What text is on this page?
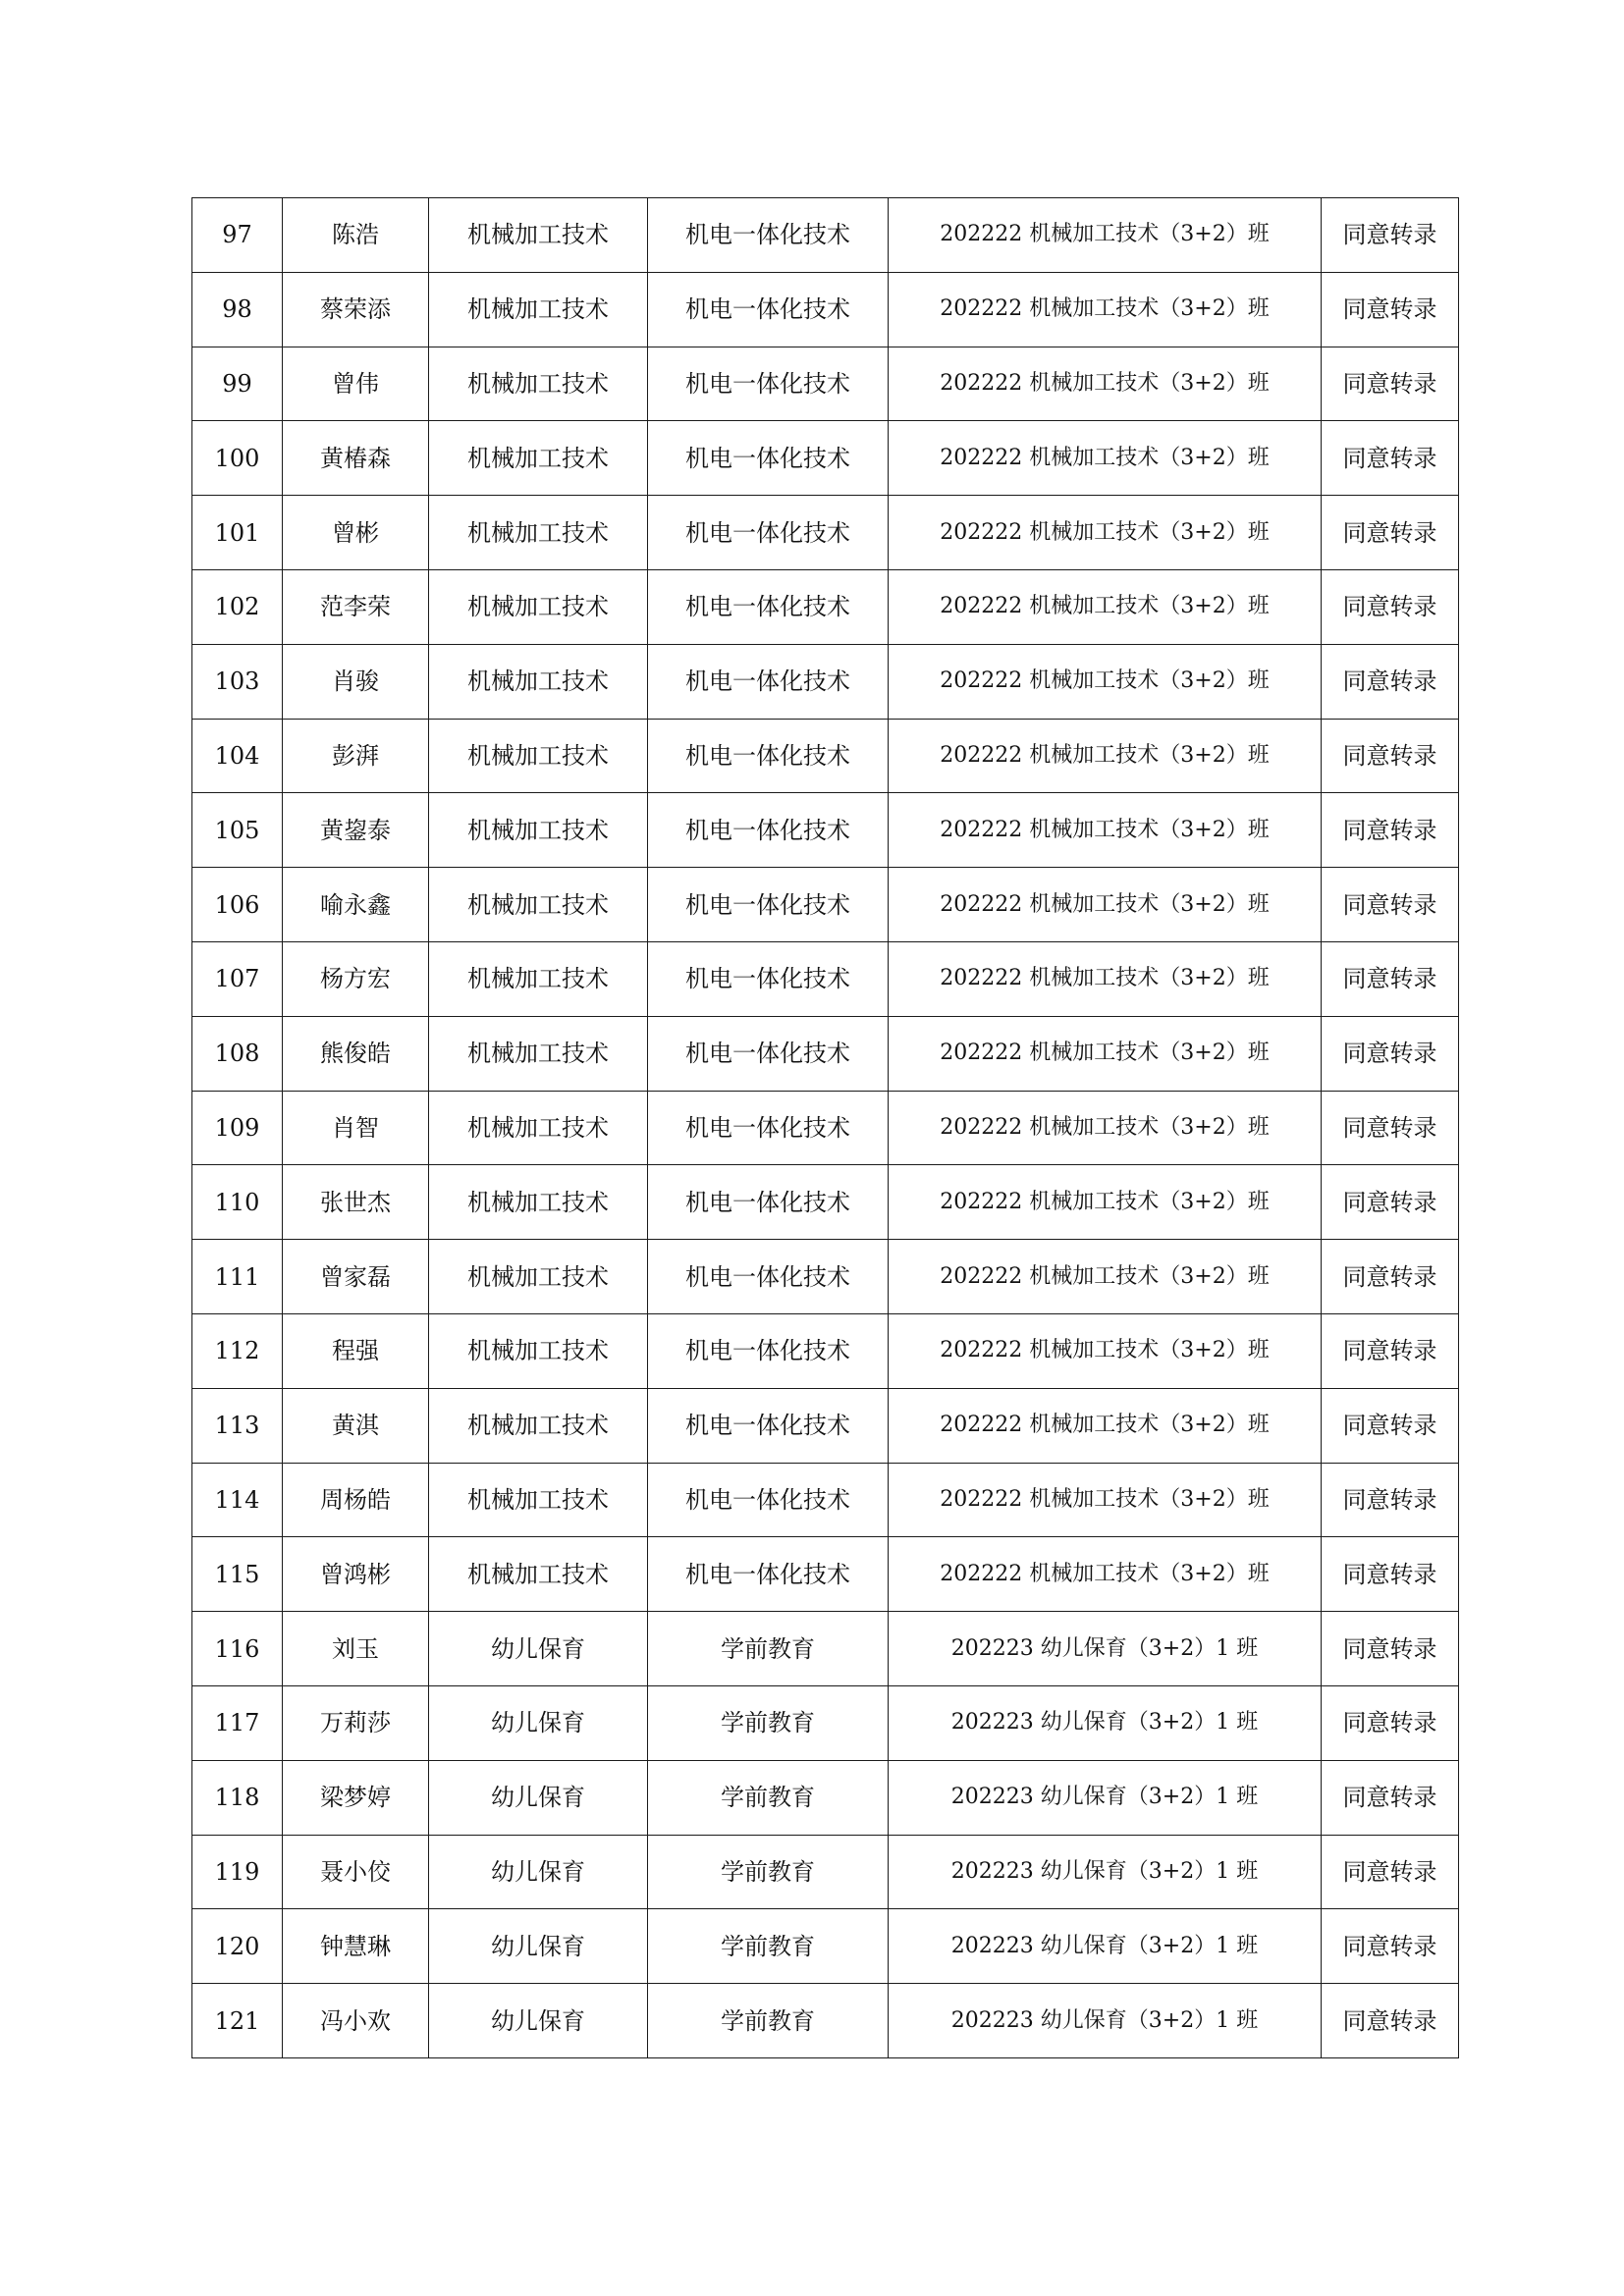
97	陈浩	机械加工技术	机电一体化技术	202222 机械加工技术（3+2）班	同意转录
98	蔡荣添	机械加工技术	机电一体化技术	202222 机械加工技术（3+2）班	同意转录
99	曾伟	机械加工技术	机电一体化技术	202222 机械加工技术（3+2）班	同意转录
100	黄椿森	机械加工技术	机电一体化技术	202222 机械加工技术（3+2）班	同意转录
101	曾彬	机械加工技术	机电一体化技术	202222 机械加工技术（3+2）班	同意转录
102	范李荣	机械加工技术	机电一体化技术	202222 机械加工技术（3+2）班	同意转录
103	肖骏	机械加工技术	机电一体化技术	202222 机械加工技术（3+2）班	同意转录
104	彭湃	机械加工技术	机电一体化技术	202222 机械加工技术（3+2）班	同意转录
105	黄鋆泰	机械加工技术	机电一体化技术	202222 机械加工技术（3+2）班	同意转录
106	喻永鑫	机械加工技术	机电一体化技术	202222 机械加工技术（3+2）班	同意转录
107	杨方宏	机械加工技术	机电一体化技术	202222 机械加工技术（3+2）班	同意转录
108	熊俊皓	机械加工技术	机电一体化技术	202222 机械加工技术（3+2）班	同意转录
109	肖智	机械加工技术	机电一体化技术	202222 机械加工技术（3+2）班	同意转录
110	张世杰	机械加工技术	机电一体化技术	202222 机械加工技术（3+2）班	同意转录
111	曾家磊	机械加工技术	机电一体化技术	202222 机械加工技术（3+2）班	同意转录
112	程强	机械加工技术	机电一体化技术	202222 机械加工技术（3+2）班	同意转录
113	黄淇	机械加工技术	机电一体化技术	202222 机械加工技术（3+2）班	同意转录
114	周杨皓	机械加工技术	机电一体化技术	202222 机械加工技术（3+2）班	同意转录
115	曾鸿彬	机械加工技术	机电一体化技术	202222 机械加工技术（3+2）班	同意转录
116	刘玉	幼儿保育	学前教育	202223 幼儿保育（3+2）1 班	同意转录
117	万莉莎	幼儿保育	学前教育	202223 幼儿保育（3+2）1 班	同意转录
118	梁梦婷	幼儿保育	学前教育	202223 幼儿保育（3+2）1 班	同意转录
119	聂小佼	幼儿保育	学前教育	202223 幼儿保育（3+2）1 班	同意转录
120	钟慧琳	幼儿保育	学前教育	202223 幼儿保育（3+2）1 班	同意转录
121	冯小欢	幼儿保育	学前教育	202223 幼儿保育（3+2）1 班	同意转录
